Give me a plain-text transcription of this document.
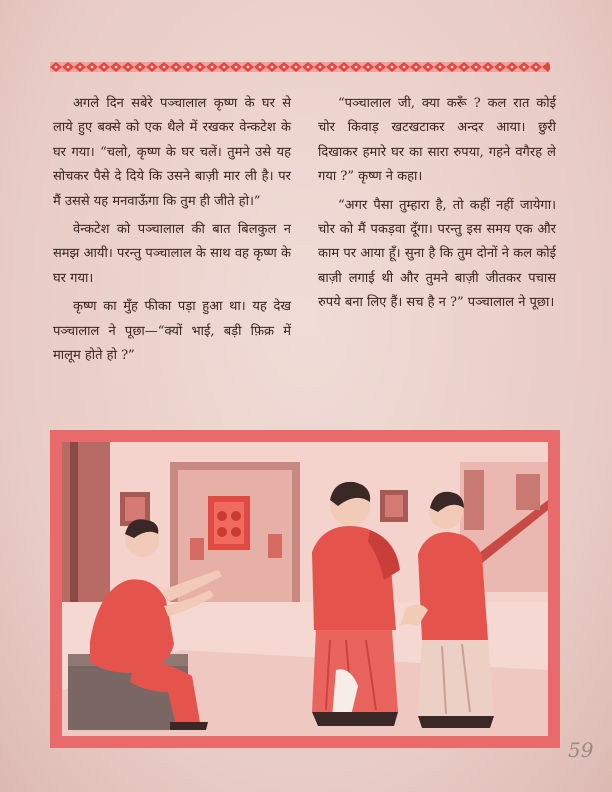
अगले दिन सबेरे पञ्चालाल कृष्ण के घर से लाये हुए बक्से को एक थैले में रखकर वेन्कटेश के घर गया। “चलो, कृष्ण के घर चलें। तुमने उसे यह सोचकर पैसे दे दिये कि उसने बाज़ी मार ली है। पर मैं उससे यह मनवाऊँगा कि तुम ही जीते हो।”

वेन्कटेश को पञ्चालाल की बात बिलकुल न समझ आयी। परन्तु पञ्चालाल के साथ वह कृष्ण के घर गया।

कृष्ण का मुँह फीका पड़ा हुआ था। यह देख पञ्चालाल ने पूछा—“क्यों भाई, बड़ी फ़िक्र में मालूम होते हो ?”

“पञ्चालाल जी, क्या करूँ ? कल रात कोई चोर किवाड़ खटखटाकर अन्दर आया। छुरी दिखाकर हमारे घर का सारा रुपया, गहने वगैरह ले गया ?” कृष्ण ने कहा।

“अगर पैसा तुम्हारा है, तो कहीं नहीं जायेगा। चोर को मैं पकड़वा दूँगा। परन्तु इस समय एक और काम पर आया हूँ। सुना है कि तुम दोनों ने कल कोई बाज़ी लगाई थी और तुमने बाज़ी जीतकर पचास रुपये बना लिए हैं। सच है न ?” पञ्चालाल ने पूछा।

59
